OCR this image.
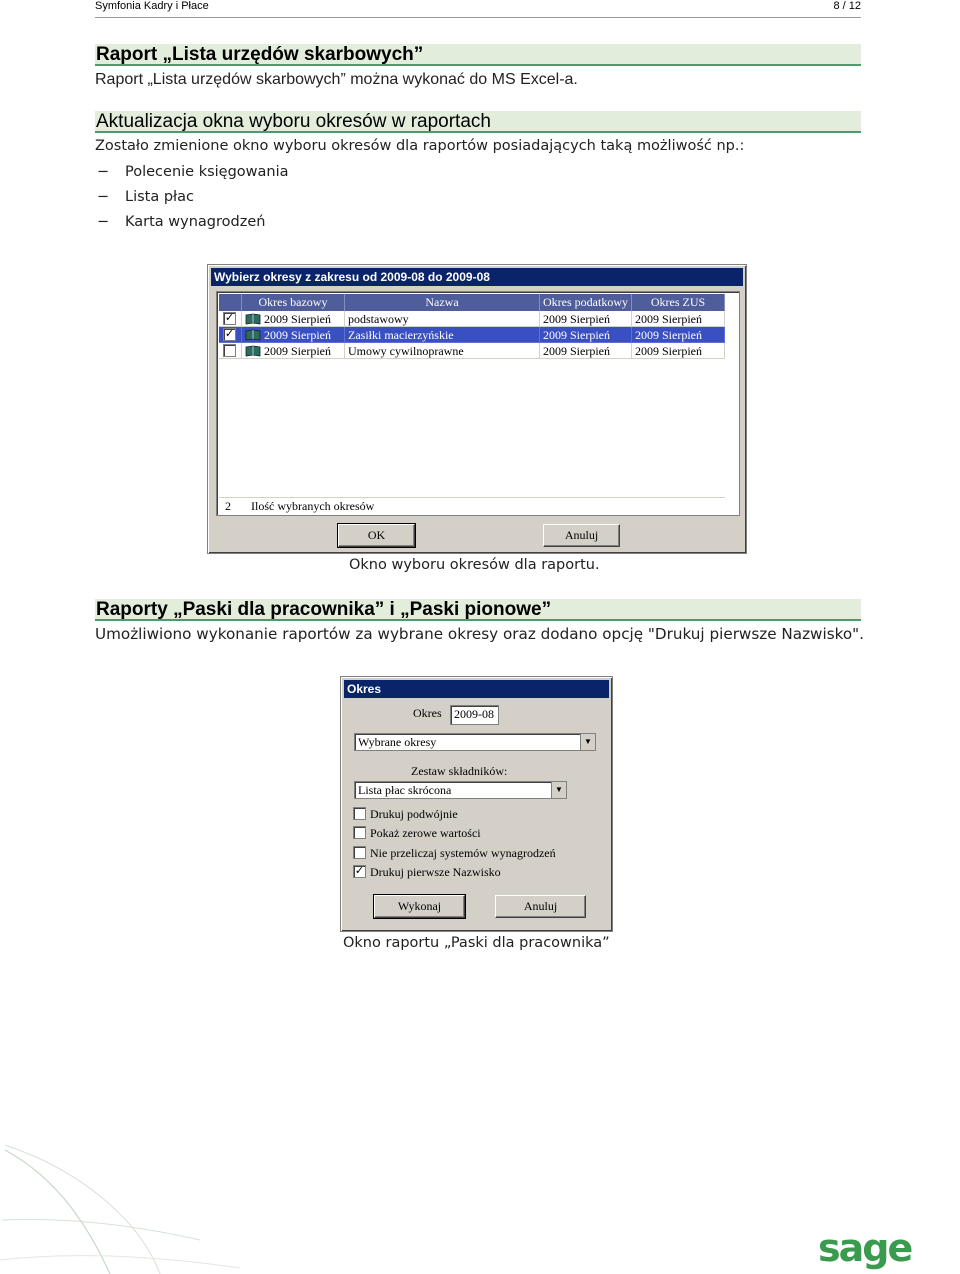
Symfonia Kadry i Płace	8 / 12
Raport „Lista urzędów skarbowych”
Raport „Lista urzędów skarbowych” można wykonać do MS Excel-a.
Aktualizacja okna wyboru okresów w raportach
Zostało zmienione okno wyboru okresów dla raportów posiadających taką możliwość np.:
− Polecenie księgowania
− Lista płac
− Karta wynagrodzeń
Wybierz okresy z zakresu od 2009-08 do 2009-08
Okres bazowy	Nazwa	Okres podatkowy	Okres ZUS
✓	2009 Sierpień	podstawowy	2009 Sierpień	2009 Sierpień
✓	2009 Sierpień	Zasiłki macierzyńskie	2009 Sierpień	2009 Sierpień
2009 Sierpień	Umowy cywilnoprawne	2009 Sierpień	2009 Sierpień
2 Ilość wybranych okresów
OK	Anuluj
Okno wyboru okresów dla raportu.
Raporty „Paski dla pracownika” i „Paski pionowe”
Umożliwiono wykonanie raportów za wybrane okresy oraz dodano opcję "Drukuj pierwsze Nazwisko".
Okres
Okres	2009-08
Wybrane okresy	▼
Zestaw składników:
Lista płac skrócona	▼
Drukuj podwójnie
Pokaż zerowe wartości
Nie przeliczaj systemów wynagrodzeń
✓ Drukuj pierwsze Nazwisko
Wykonaj	Anuluj
Okno raportu „Paski dla pracownika”
sage
